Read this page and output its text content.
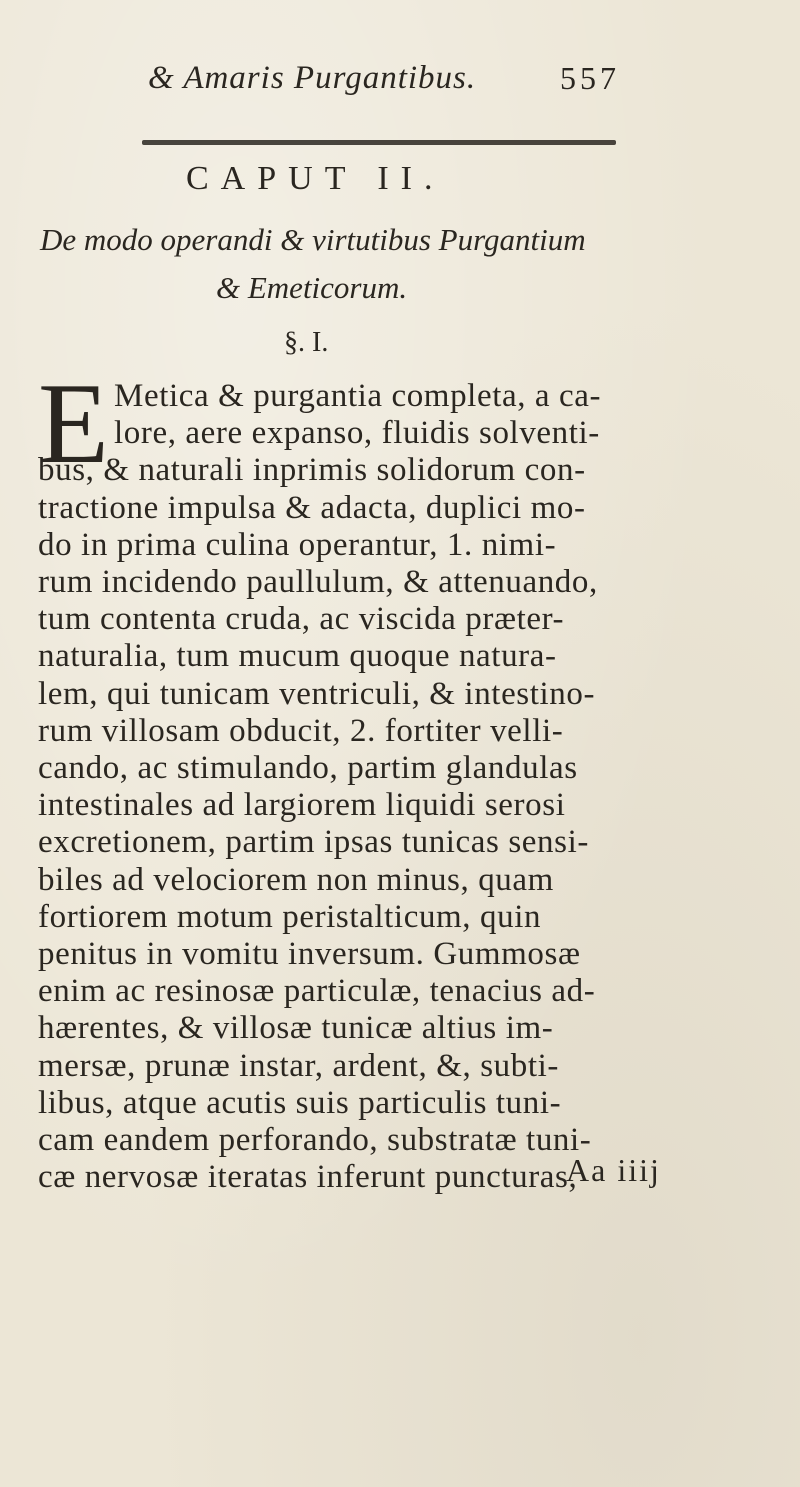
& Amaris Purgantibus.	557
CAPUT II.
De modo operandi & virtutibus Purgantium
& Emeticorum.
§. I.
E Metica & purgantia completa, a ca-
lore, aere expanso, fluidis solventi-
bus, & naturali inprimis solidorum con-
tractione impulsa & adacta, duplici mo-
do in prima culina operantur, 1. nimi-
rum incidendo paullulum, & attenuando,
tum contenta cruda, ac viscida præter-
naturalia, tum mucum quoque natura-
lem, qui tunicam ventriculi, & intestino-
rum villosam obducit, 2. fortiter velli-
cando, ac stimulando, partim glandulas
intestinales ad largiorem liquidi serosi
excretionem, partim ipsas tunicas sensi-
biles ad velociorem non minus, quam
fortiorem motum peristalticum, quin
penitus in vomitu inversum. Gummosæ
enim ac resinosæ particulæ, tenacius ad-
hærentes, & villosæ tunicæ altius im-
mersæ, prunæ instar, ardent, &, subti-
libus, atque acutis suis particulis tuni-
cam eandem perforando, substratæ tuni-
cæ nervosæ iteratas inferunt puncturas,
Aa iiij
